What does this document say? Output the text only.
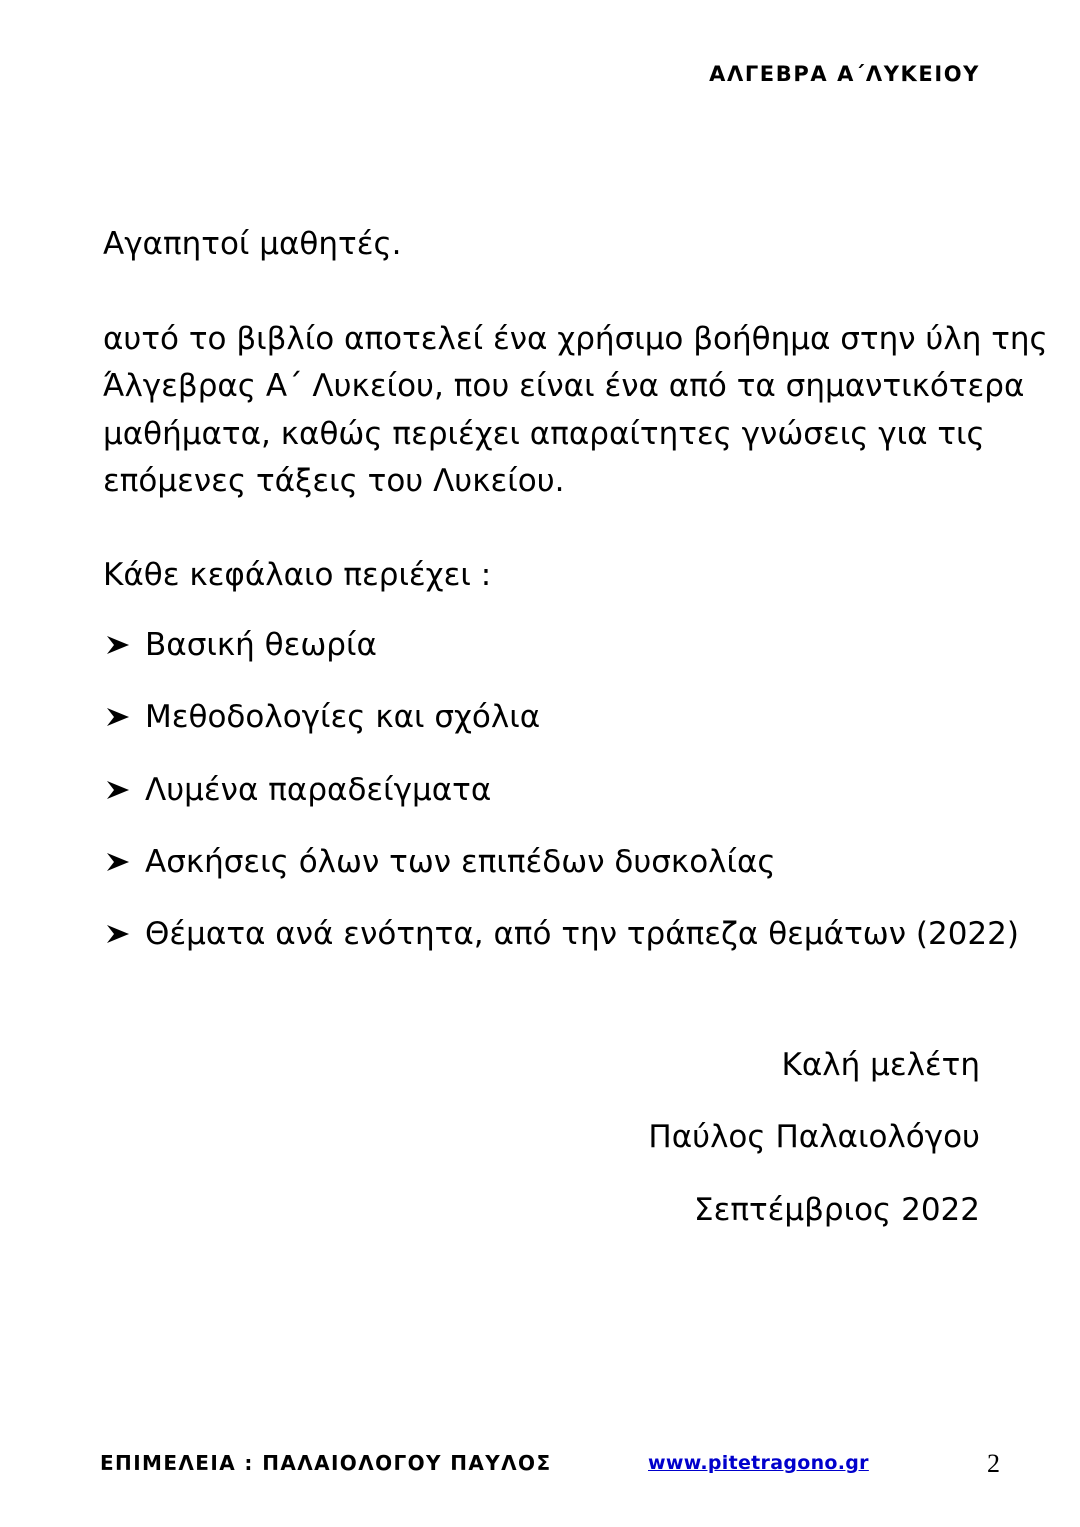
ΑΛΓΕΒΡΑ Α΄ΛΥΚΕΙΟΥ

Αγαπητοί μαθητές.

αυτό το βιβλίο αποτελεί ένα χρήσιμο βοήθημα στην ύλη της
Άλγεβρας Α΄ Λυκείου, που είναι ένα από τα σημαντικότερα
μαθήματα, καθώς περιέχει απαραίτητες γνώσεις για τις
επόμενες τάξεις του Λυκείου.

Κάθε κεφάλαιο περιέχει :

Βασική θεωρία
Μεθοδολογίες και σχόλια
Λυμένα παραδείγματα
Ασκήσεις όλων των επιπέδων δυσκολίας
Θέματα ανά ενότητα, από την τράπεζα θεμάτων (2022)
Καλή μελέτη
Παύλος Παλαιολόγου
Σεπτέμβριος 2022
ΕΠΙΜΕΛΕΙΑ : ΠΑΛΑΙΟΛΟΓΟΥ ΠΑΥΛΟΣ	www.pitetragono.gr	2
